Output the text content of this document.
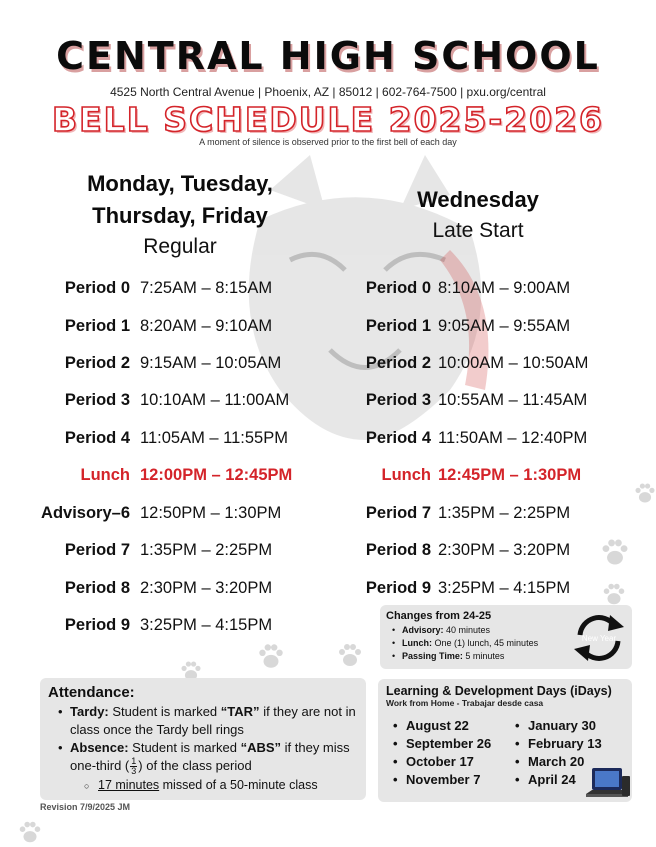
CENTRAL HIGH SCHOOL
4525 North Central Avenue | Phoenix, AZ | 85012 | 602-764-7500 | pxu.org/central
BELL SCHEDULE 2025-2026
A moment of silence is observed prior to the first bell of each day
Monday, Tuesday,
Thursday, Friday
Regular
Wednesday
Late Start
Period 0 7:25AM – 8:15AM
Period 1 8:20AM – 9:10AM
Period 2 9:15AM – 10:05AM
Period 3 10:10AM – 11:00AM
Period 4 11:05AM – 11:55PM
Lunch 12:00PM – 12:45PM
Advisory–6 12:50PM – 1:30PM
Period 7 1:35PM – 2:25PM
Period 8 2:30PM – 3:20PM
Period 9 3:25PM – 4:15PM
Period 0 8:10AM – 9:00AM
Period 1 9:05AM – 9:55AM
Period 2 10:00AM – 10:50AM
Period 3 10:55AM – 11:45AM
Period 4 11:50AM – 12:40PM
Lunch 12:45PM – 1:30PM
Period 7 1:35PM – 2:25PM
Period 8 2:30PM – 3:20PM
Period 9 3:25PM – 4:15PM
Changes from 24-25
• Advisory: 40 minutes
• Lunch: One (1) lunch, 45 minutes
• Passing Time: 5 minutes
New Year
Attendance:
• Tardy: Student is marked “TAR” if they are not in class once the Tardy bell rings
• Absence: Student is marked “ABS” if they miss one-third ( $\frac{1}{3}$ ) of the class period
○ 17 minutes missed of a 50-minute class
Revision 7/9/2025 JM
Learning & Development Days (iDays)
Work from Home - Trabajar desde casa
• August 22
• September 26
• October 17
• November 7
• January 30
• February 13
• March 20
• April 24
